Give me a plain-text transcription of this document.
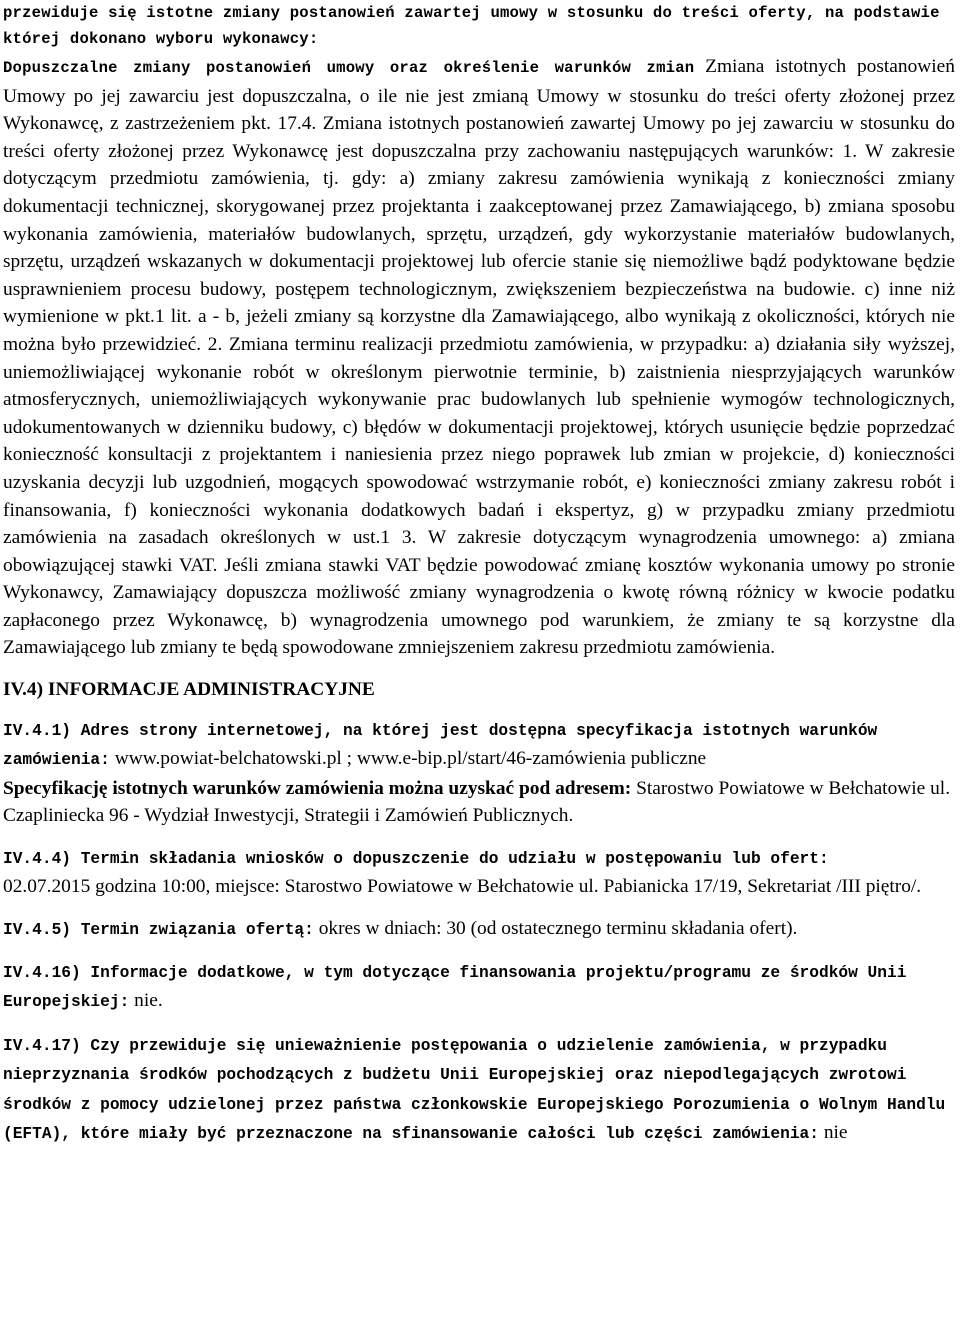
przewiduje się istotne zmiany postanowień zawartej umowy w stosunku do treści oferty, na podstawie której dokonano wyboru wykonawcy:

Dopuszczalne zmiany postanowień umowy oraz określenie warunków zmian Zmiana istotnych postanowień Umowy po jej zawarciu jest dopuszczalna, o ile nie jest zmianą Umowy w stosunku do treści oferty złożonej przez Wykonawcę, z zastrzeżeniem pkt. 17.4. Zmiana istotnych postanowień zawartej Umowy po jej zawarciu w stosunku do treści oferty złożonej przez Wykonawcę jest dopuszczalna przy zachowaniu następujących warunków: 1. W zakresie dotyczącym przedmiotu zamówienia, tj. gdy: a) zmiany zakresu zamówienia wynikają z konieczności zmiany dokumentacji technicznej, skorygowanej przez projektanta i zaakceptowanej przez Zamawiającego, b) zmiana sposobu wykonania zamówienia, materiałów budowlanych, sprzętu, urządzeń, gdy wykorzystanie materiałów budowlanych, sprzętu, urządzeń wskazanych w dokumentacji projektowej lub ofercie stanie się niemożliwe bądź podyktowane będzie usprawnieniem procesu budowy, postępem technologicznym, zwiększeniem bezpieczeństwa na budowie. c) inne niż wymienione w pkt.1 lit. a - b, jeżeli zmiany są korzystne dla Zamawiającego, albo wynikają z okoliczności, których nie można było przewidzieć. 2. Zmiana terminu realizacji przedmiotu zamówienia, w przypadku: a) działania siły wyższej, uniemożliwiającej wykonanie robót w określonym pierwotnie terminie, b) zaistnienia niesprzyjających warunków atmosferycznych, uniemożliwiających wykonywanie prac budowlanych lub spełnienie wymogów technologicznych, udokumentowanych w dzienniku budowy, c) błędów w dokumentacji projektowej, których usunięcie będzie poprzedzać konieczność konsultacji z projektantem i naniesienia przez niego poprawek lub zmian w projekcie, d) konieczności uzyskania decyzji lub uzgodnień, mogących spowodować wstrzymanie robót, e) konieczności zmiany zakresu robót i finansowania, f) konieczności wykonania dodatkowych badań i ekspertyz, g) w przypadku zmiany przedmiotu zamówienia na zasadach określonych w ust.1 3. W zakresie dotyczącym wynagrodzenia umownego: a) zmiana obowiązującej stawki VAT. Jeśli zmiana stawki VAT będzie powodować zmianę kosztów wykonania umowy po stronie Wykonawcy, Zamawiający dopuszcza możliwość zmiany wynagrodzenia o kwotę równą różnicy w kwocie podatku zapłaconego przez Wykonawcę, b) wynagrodzenia umownego pod warunkiem, że zmiany te są korzystne dla Zamawiającego lub zmiany te będą spowodowane zmniejszeniem zakresu przedmiotu zamówienia.

IV.4) INFORMACJE ADMINISTRACYJNE

IV.4.1) Adres strony internetowej, na której jest dostępna specyfikacja istotnych warunków zamówienia: www.powiat-belchatowski.pl ; www.e-bip.pl/start/46-zamówienia publiczne
Specyfikację istotnych warunków zamówienia można uzyskać pod adresem: Starostwo Powiatowe w Bełchatowie ul. Czapliniecka 96 - Wydział Inwestycji, Strategii i Zamówień Publicznych.

IV.4.4) Termin składania wniosków o dopuszczenie do udziału w postępowaniu lub ofert:
02.07.2015 godzina 10:00, miejsce: Starostwo Powiatowe w Bełchatowie ul. Pabianicka 17/19, Sekretariat /III piętro/.

IV.4.5) Termin związania ofertą: okres w dniach: 30 (od ostatecznego terminu składania ofert).

IV.4.16) Informacje dodatkowe, w tym dotyczące finansowania projektu/programu ze środków Unii Europejskiej: nie.

IV.4.17) Czy przewiduje się unieważnienie postępowania o udzielenie zamówienia, w przypadku nieprzyznania środków pochodzących z budżetu Unii Europejskiej oraz niepodlegających zwrotowi środków z pomocy udzielonej przez państwa członkowskie Europejskiego Porozumienia o Wolnym Handlu (EFTA), które miały być przeznaczone na sfinansowanie całości lub części zamówienia: nie
